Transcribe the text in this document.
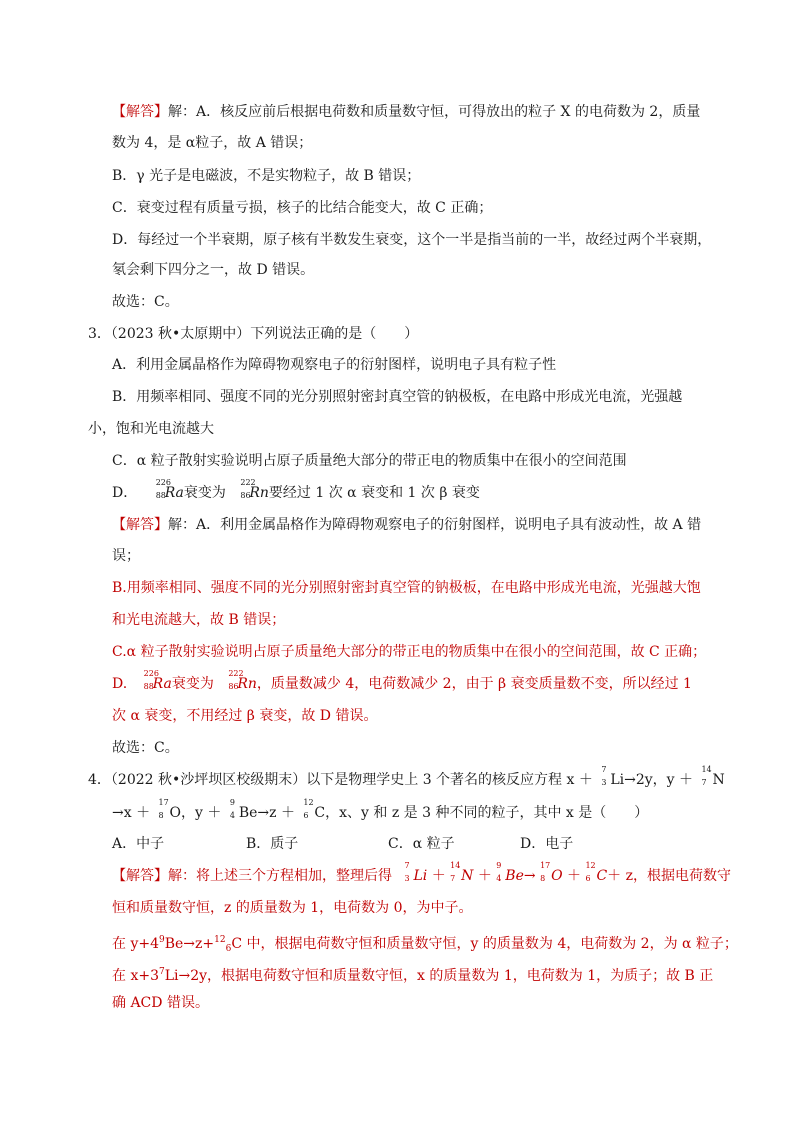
【解答】解：A．核反应前后根据电荷数和质量数守恒，可得放出的粒子 X 的电荷数为 2，质量
数为 4，是 α粒子，故 A 错误；
B．γ 光子是电磁波，不是实物粒子，故 B 错误；
C．衰变过程有质量亏损，核子的比结合能变大，故 C 正确；
D．每经过一个半衰期，原子核有半数发生衰变，这个一半是指当前的一半，故经过两个半衰期，
氡会剩下四分之一，故 D 错误。
故选：C。
3．（2023 秋•太原期中）下列说法正确的是（　　）
A．利用金属晶格作为障碍物观察电子的衍射图样，说明电子具有粒子性
B．用频率相同、强度不同的光分别照射密封真空管的钠极板，在电路中形成光电流，光强越
小，饱和光电流越大
C．α 粒子散射实验说明占原子质量绝大部分的带正电的物质集中在很小的空间范围
D．
226
88
Ra衰变为
222
86
Rn要经过 1 次 α 衰变和 1 次 β 衰变
【解答】解：A．利用金属晶格作为障碍物观察电子的衍射图样，说明电子具有波动性，故 A 错
误；
B.用频率相同、强度不同的光分别照射密封真空管的钠极板，在电路中形成光电流，光强越大饱
和光电流越大，故 B 错误；
C.α 粒子散射实验说明占原子质量绝大部分的带正电的物质集中在很小的空间范围，故 C 正确；
D.
226
88
Ra衰变为
222
86
Rn，质量数减少 4，电荷数减少 2，由于 β 衰变质量数不变，所以经过 1
次 α 衰变，不用经过 β 衰变，故 D 错误。
故选：C。
4．（2022 秋•沙坪坝区校级期末）以下是物理学史上 3 个著名的核反应方程 x ＋
7
3 Li→2y，y ＋
14
7 N
→x ＋
17
8 O，y ＋
9
4 Be→z ＋
12
6 C，x、y 和 z 是 3 种不同的粒子，其中 x 是（　　）
A．中子	B．质子	C．α 粒子	D．电子
【解答】解：将上述三个方程相加，整理后得
7
3 Li ＋
14
7 N ＋
9
4 Be→
17
8 O ＋
12
6 C＋ z，根据电荷数守
恒和质量数守恒，z 的质量数为 1，电荷数为 0，为中子。
在 $y+4^9Be\to z+^{12}_6C$ 中，根据电荷数守恒和质量数守恒，y 的质量数为 4，电荷数为 2，为 α 粒子；
在 $x+3^7Li\to 2y$，根据电荷数守恒和质量数守恒，x 的质量数为 1，电荷数为 1，为质子；故 B 正
确 ACD 错误。
